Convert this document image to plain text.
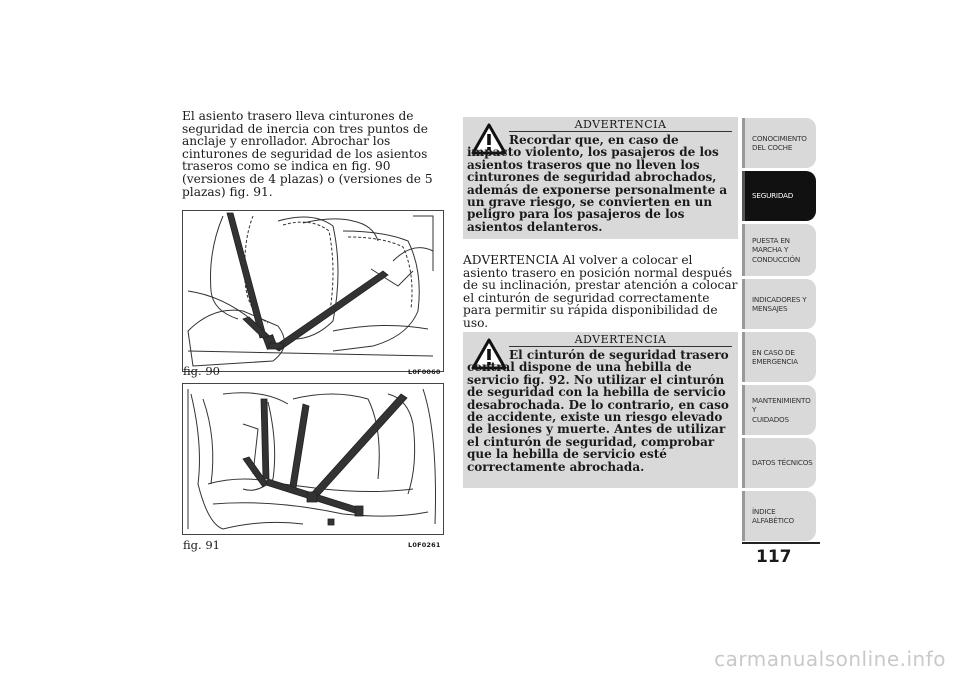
El asiento trasero lleva cinturones de seguridad de inercia con tres puntos de anclaje y enrollador. Abrochar los cinturones de seguridad de los asientos traseros como se indica en fig. 90 (versiones de 4 plazas) o (versiones de 5 plazas) fig. 91.

fig. 90	L0F0060
fig. 91	L0F0261
ADVERTENCIA

Recordar que, en caso de impacto violento, los pasajeros de los asientos traseros que no lleven los cinturones de seguridad abrochados, además de exponerse personalmente a un grave riesgo, se convierten en un peligro para los pasajeros de los asientos delanteros.

ADVERTENCIA Al volver a colocar el asiento trasero en posición normal después de su inclinación, prestar atención a colocar el cinturón de seguridad correctamente para permitir su rápida disponibilidad de uso.

ADVERTENCIA

El cinturón de seguridad trasero central dispone de una hebilla de servicio fig. 92. No utilizar el cinturón de seguridad con la hebilla de servicio desabrochada. De lo contrario, en caso de accidente, existe un riesgo elevado de lesiones y muerte. Antes de utilizar el cinturón de seguridad, comprobar que la hebilla de servicio esté correctamente abrochada.

CONOCIMIENTO
DEL COCHE
SEGURIDAD
PUESTA EN
MARCHA Y
CONDUCCIÓN
INDICADORES Y
MENSAJES
EN CASO DE
EMERGENCIA
MANTENIMIENTO Y
CUIDADOS
DATOS TÉCNICOS
ÍNDICE
ALFABÉTICO
117
carmanualsonline.info
